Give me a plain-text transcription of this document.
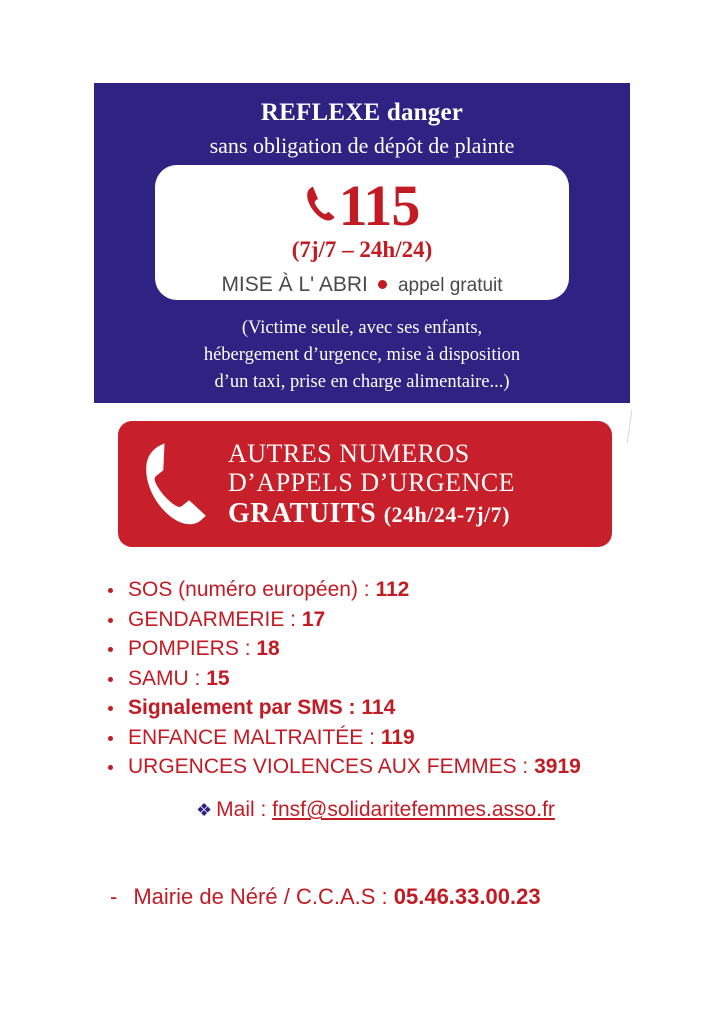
REFLEXE danger
sans obligation de dépôt de plainte
115
(7j/7 – 24h/24)
MISE À L' ABRI appel gratuit
(Victime seule, avec ses enfants,
hébergement d’urgence, mise à disposition
d’un taxi, prise en charge alimentaire...)
AUTRES NUMEROS
D’APPELS D’URGENCE
GRATUITS (24h/24-7j/7)
SOS (numéro européen) : 112
GENDARMERIE : 17
POMPIERS : 18
SAMU : 15
Signalement par SMS : 114
ENFANCE MALTRAITÉE : 119
URGENCES VIOLENCES AUX FEMMES : 3919
❖ Mail : fnsf@solidaritefemmes.asso.fr
- Mairie de Néré / C.C.A.S : 05.46.33.00.23
